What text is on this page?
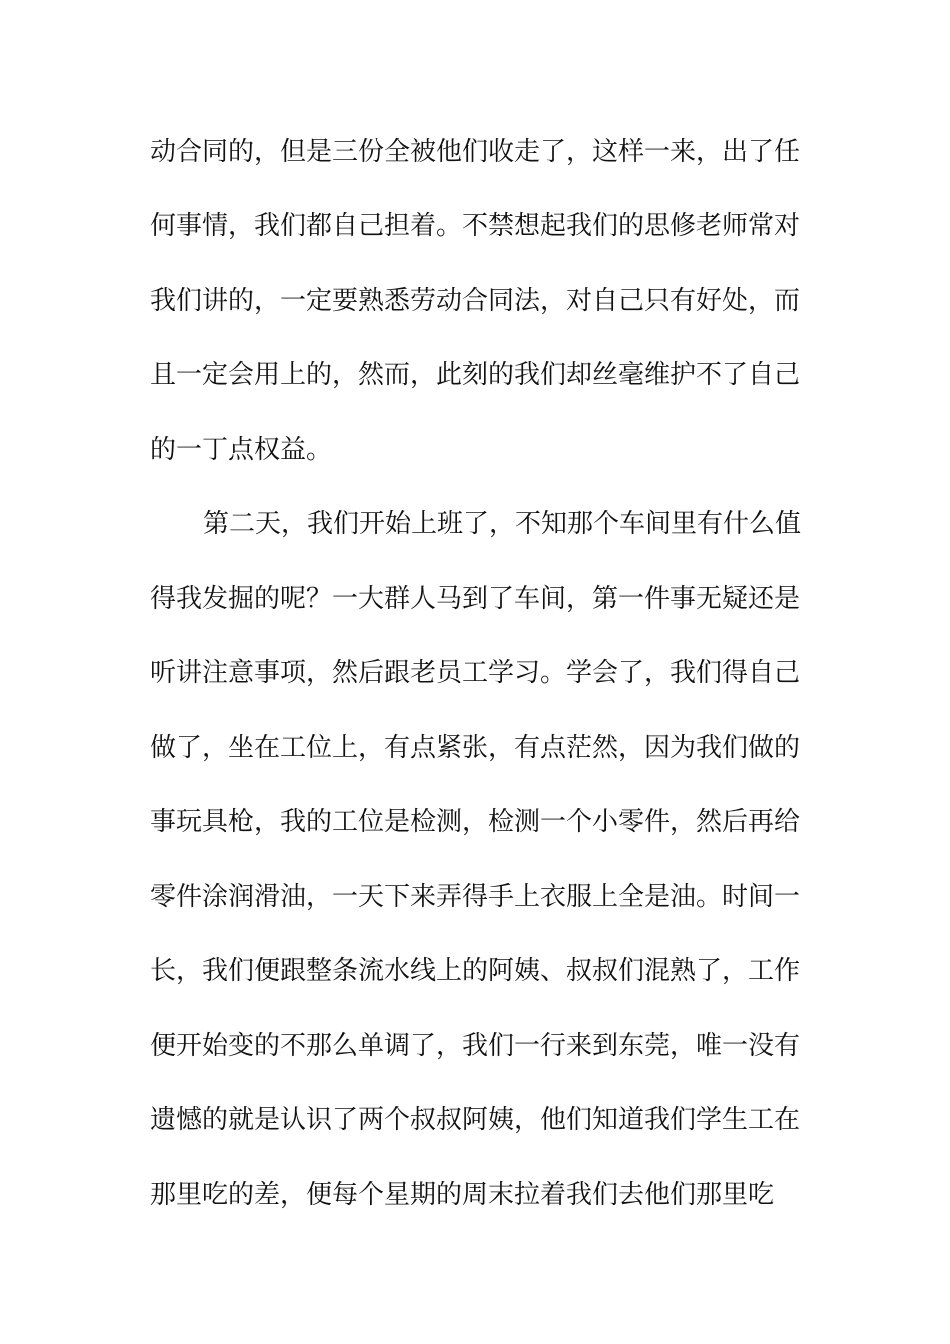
动合同的，但是三份全被他们收走了，这样一来，出了任
何事情，我们都自己担着。不禁想起我们的思修老师常对
我们讲的，一定要熟悉劳动合同法，对自己只有好处，而
且一定会用上的，然而，此刻的我们却丝毫维护不了自己
的一丁点权益。
第二天，我们开始上班了，不知那个车间里有什么值
得我发掘的呢？一大群人马到了车间，第一件事无疑还是
听讲注意事项，然后跟老员工学习。学会了，我们得自己
做了，坐在工位上，有点紧张，有点茫然，因为我们做的
事玩具枪，我的工位是检测，检测一个小零件，然后再给
零件涂润滑油，一天下来弄得手上衣服上全是油。时间一
长，我们便跟整条流水线上的阿姨、叔叔们混熟了，工作
便开始变的不那么单调了，我们一行来到东莞，唯一没有
遗憾的就是认识了两个叔叔阿姨，他们知道我们学生工在
那里吃的差，便每个星期的周末拉着我们去他们那里吃
